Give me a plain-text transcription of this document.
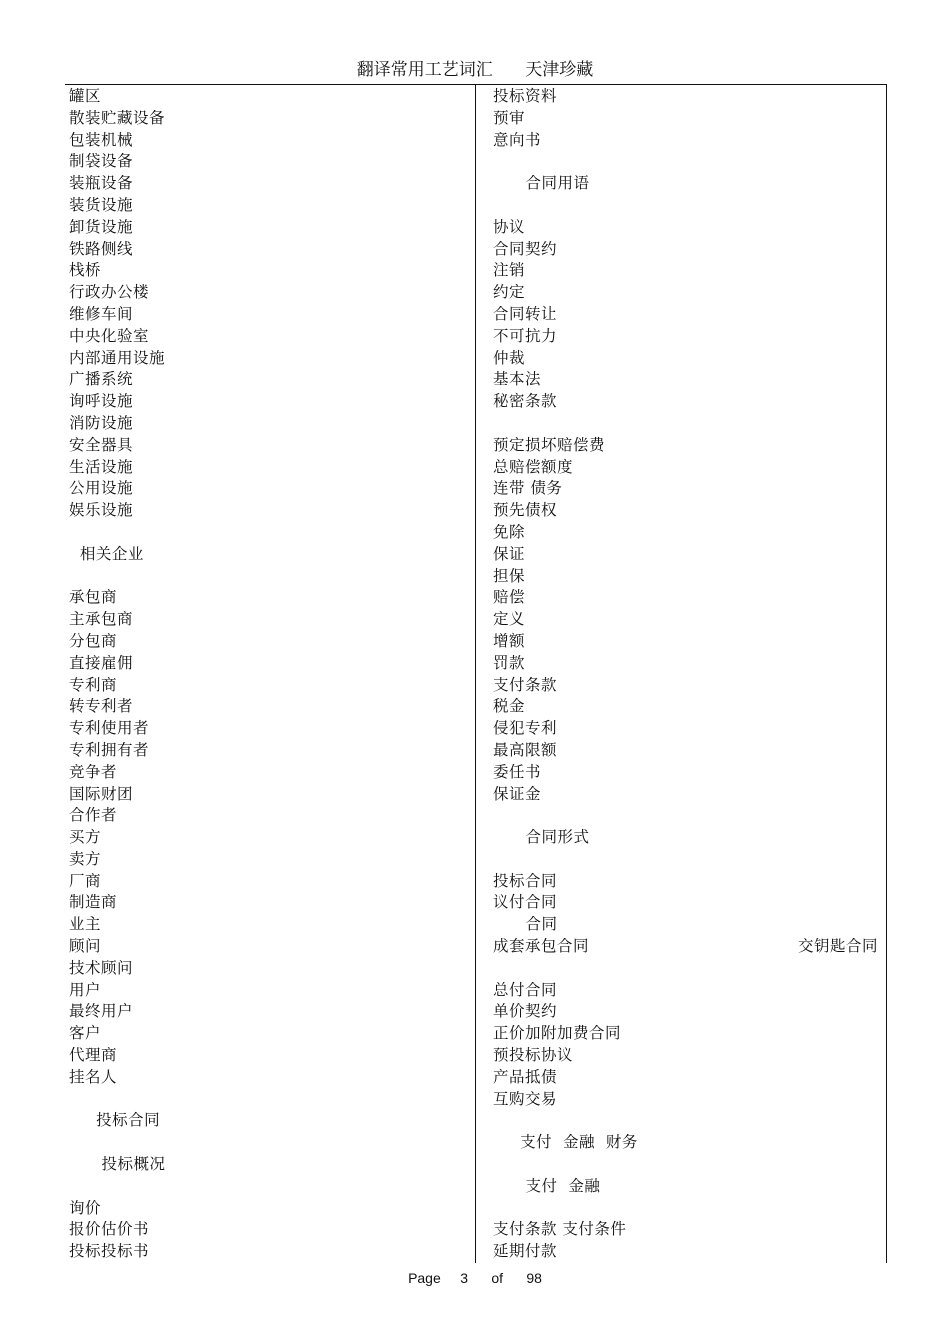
翻译常用工艺词汇      天津珍藏
罐区
散装贮藏设备
包装机械
制袋设备
装瓶设备
装货设施
卸货设施
铁路侧线
栈桥
行政办公楼
维修车间
中央化验室
内部通用设施
广播系统
询呼设施
消防设施
安全器具
生活设施
公用设施
娱乐设施
相关企业
承包商
主承包商
分包商
直接雇佣
专利商
转专利者
专利使用者
专利拥有者
竞争者
国际财团
合作者
买方
卖方
厂商
制造商
业主
顾问
技术顾问
用户
最终用户
客户
代理商
挂名人
投标合同
投标概况
询价
报价估价书
投标投标书
投标资料
预审
意向书
合同用语
协议
合同契约
注销
约定
合同转让
不可抗力
仲裁
基本法
秘密条款
预定损坏赔偿费
总赔偿额度
连带 债务
预先债权
免除
保证
担保
赔偿
定义
增额
罚款
支付条款
税金
侵犯专利
最高限额
委任书
保证金
合同形式
投标合同
议付合同
合同
成套承包合同	交钥匙合同
总付合同
单价契约
正价加附加费合同
预投标协议
产品抵债
互购交易
支付  金融  财务
支付  金融
支付条款 支付条件
延期付款
Page     3      of      98
